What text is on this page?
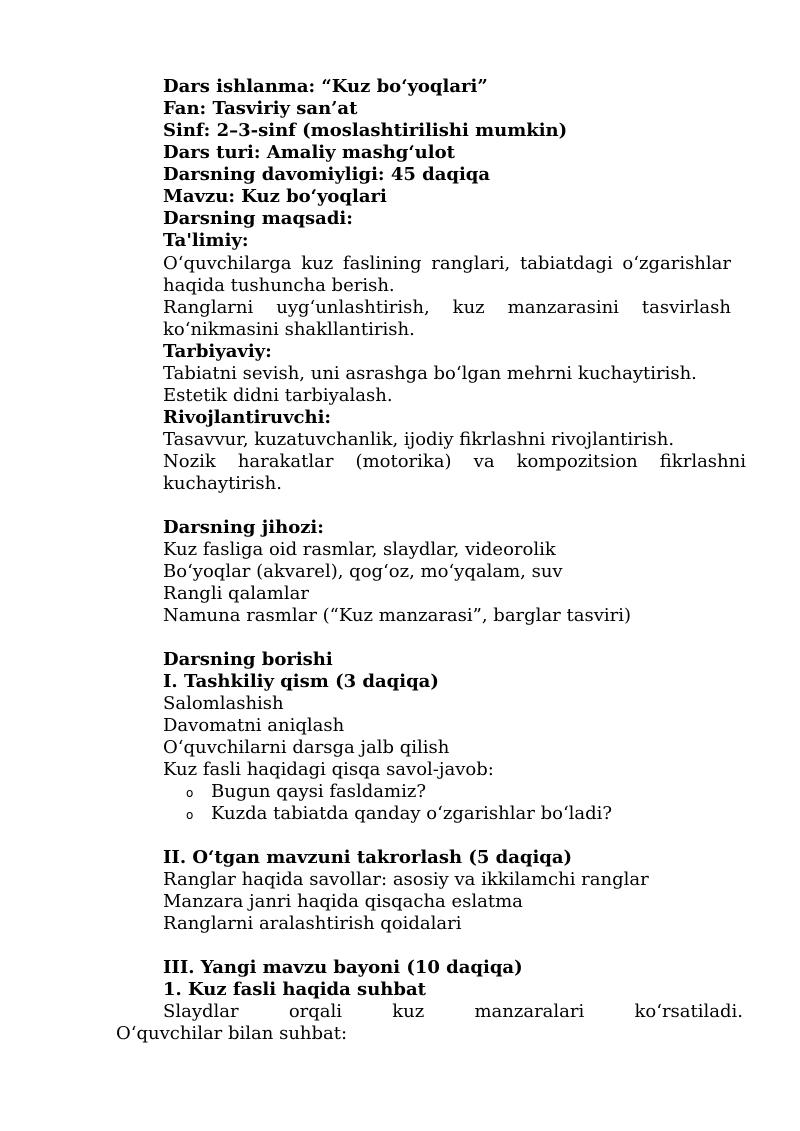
Dars ishlanma: “Kuz bo‘yoqlari”
Fan: Tasviriy san’at
Sinf: 2–3-sinf (moslashtirilishi mumkin)
Dars turi: Amaliy mashg‘ulot
Darsning davomiyligi: 45 daqiqa
Mavzu: Kuz bo‘yoqlari
Darsning maqsadi:
Ta'limiy:
O‘quvchilarga kuz faslining ranglari, tabiatdagi o‘zgarishlar
haqida tushuncha berish.
Ranglarni uyg‘unlashtirish, kuz manzarasini tasvirlash
ko‘nikmasini shakllantirish.
Tarbiyaviy:
Tabiatni sevish, uni asrashga bo‘lgan mehrni kuchaytirish.
Estetik didni tarbiyalash.
Rivojlantiruvchi:
Tasavvur, kuzatuvchanlik, ijodiy fikrlashni rivojlantirish.
Nozik harakatlar (motorika) va kompozitsion fikrlashni
kuchaytirish.
Darsning jihozi:
Kuz fasliga oid rasmlar, slaydlar, videorolik
Bo‘yoqlar (akvarel), qog‘oz, mo‘yqalam, suv
Rangli qalamlar
Namuna rasmlar (“Kuz manzarasi”, barglar tasviri)
Darsning borishi
I. Tashkiliy qism (3 daqiqa)
Salomlashish
Davomatni aniqlash
O‘quvchilarni darsga jalb qilish
Kuz fasli haqidagi qisqa savol-javob:
o Bugun qaysi fasldamiz?
o Kuzda tabiatda qanday o‘zgarishlar bo‘ladi?
II. O‘tgan mavzuni takrorlash (5 daqiqa)
Ranglar haqida savollar: asosiy va ikkilamchi ranglar
Manzara janri haqida qisqacha eslatma
Ranglarni aralashtirish qoidalari
III. Yangi mavzu bayoni (10 daqiqa)
1. Kuz fasli haqida suhbat
Slaydlar orqali kuz manzaralari ko‘rsatiladi.
O‘quvchilar bilan suhbat:
